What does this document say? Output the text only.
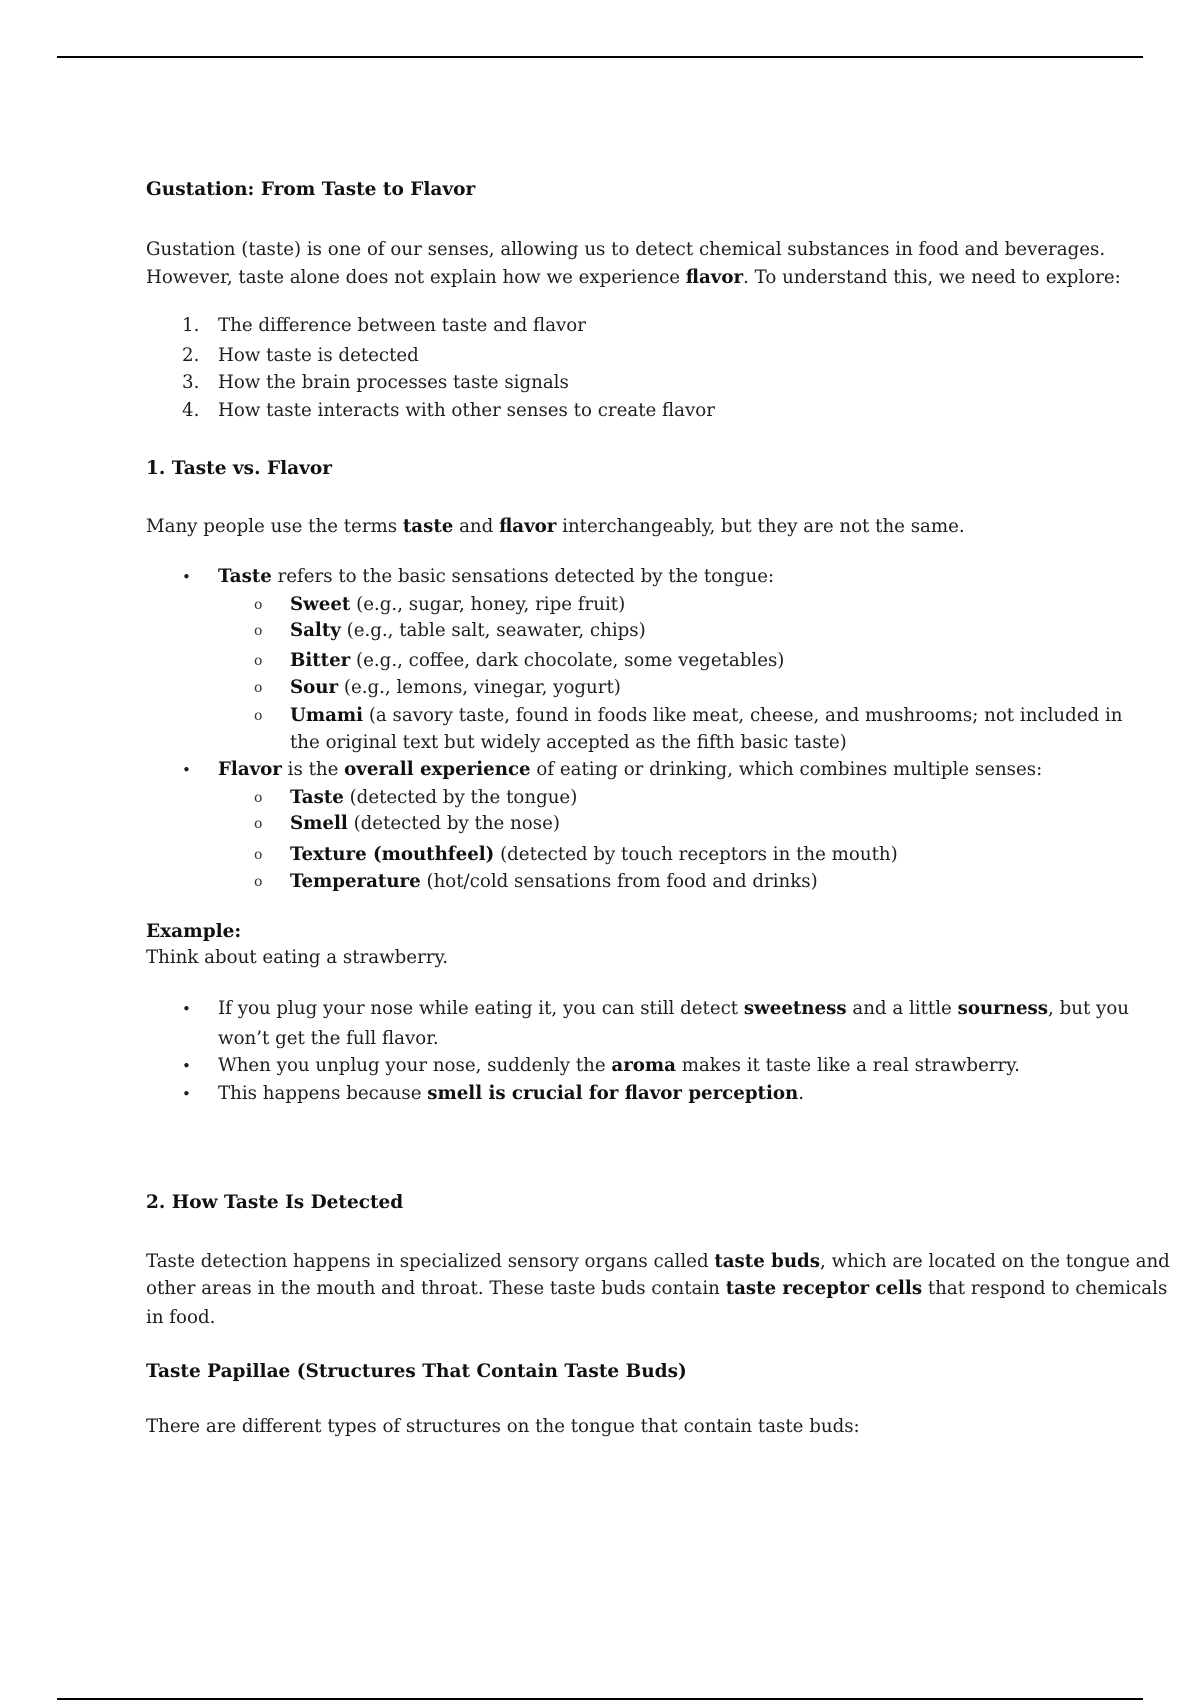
Gustation: From Taste to Flavor
Gustation (taste) is one of our senses, allowing us to detect chemical substances in food and beverages.
However, taste alone does not explain how we experience flavor. To understand this, we need to explore:
1. The difference between taste and flavor
2. How taste is detected
3. How the brain processes taste signals
4. How taste interacts with other senses to create flavor
1. Taste vs. Flavor
Many people use the terms taste and flavor interchangeably, but they are not the same.
• Taste refers to the basic sensations detected by the tongue:
o Sweet (e.g., sugar, honey, ripe fruit)
o Salty (e.g., table salt, seawater, chips)
o Bitter (e.g., coffee, dark chocolate, some vegetables)
o Sour (e.g., lemons, vinegar, yogurt)
o Umami (a savory taste, found in foods like meat, cheese, and mushrooms; not included in
the original text but widely accepted as the fifth basic taste)
• Flavor is the overall experience of eating or drinking, which combines multiple senses:
o Taste (detected by the tongue)
o Smell (detected by the nose)
o Texture (mouthfeel) (detected by touch receptors in the mouth)
o Temperature (hot/cold sensations from food and drinks)
Example:
Think about eating a strawberry.
• If you plug your nose while eating it, you can still detect sweetness and a little sourness, but you
won’t get the full flavor.
• When you unplug your nose, suddenly the aroma makes it taste like a real strawberry.
• This happens because smell is crucial for flavor perception.
2. How Taste Is Detected
Taste detection happens in specialized sensory organs called taste buds, which are located on the tongue and
other areas in the mouth and throat. These taste buds contain taste receptor cells that respond to chemicals
in food.
Taste Papillae (Structures That Contain Taste Buds)
There are different types of structures on the tongue that contain taste buds:
